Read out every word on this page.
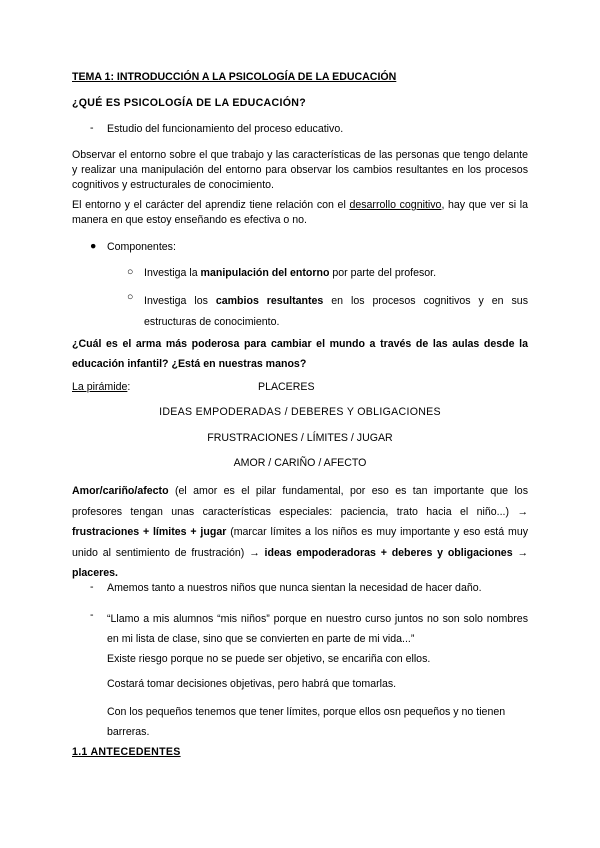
TEMA 1: INTRODUCCIÓN A LA PSICOLOGÍA DE LA EDUCACIÓN
¿QUÉ ES PSICOLOGÍA DE LA EDUCACIÓN?
- Estudio del funcionamiento del proceso educativo.
Observar el entorno sobre el que trabajo y las características de las personas que tengo delante y realizar una manipulación del entorno para observar los cambios resultantes en los procesos cognitivos y estructurales de conocimiento.
El entorno y el carácter del aprendiz tiene relación con el desarrollo cognitivo, hay que ver si la manera en que estoy enseñando es efectiva o no.
● Componentes:
○ Investiga la manipulación del entorno por parte del profesor.
○ Investiga los cambios resultantes en los procesos cognitivos y en sus estructuras de conocimiento.
¿Cuál es el arma más poderosa para cambiar el mundo a través de las aulas desde la educación infantil? ¿Está en nuestras manos?
La pirámide:	PLACERES
IDEAS EMPODERADAS / DEBERES Y OBLIGACIONES
FRUSTRACIONES / LÍMITES / JUGAR
AMOR / CARIÑO / AFECTO
Amor/cariño/afecto (el amor es el pilar fundamental, por eso es tan importante que los profesores tengan unas características especiales: paciencia, trato hacia el niño...) → frustraciones + límites + jugar (marcar límites a los niños es muy importante y eso está muy unido al sentimiento de frustración) → ideas empoderadoras + deberes y obligaciones → placeres.
- Amemos tanto a nuestros niños que nunca sientan la necesidad de hacer daño.
- “Llamo a mis alumnos “mis niños” porque en nuestro curso juntos no son solo nombres en mi lista de clase, sino que se convierten en parte de mi vida...”
Existe riesgo porque no se puede ser objetivo, se encariña con ellos.
Costará tomar decisiones objetivas, pero habrá que tomarlas.
Con los pequeños tenemos que tener límites, porque ellos osn pequeños y no tienen barreras.
1.1 ANTECEDENTES
